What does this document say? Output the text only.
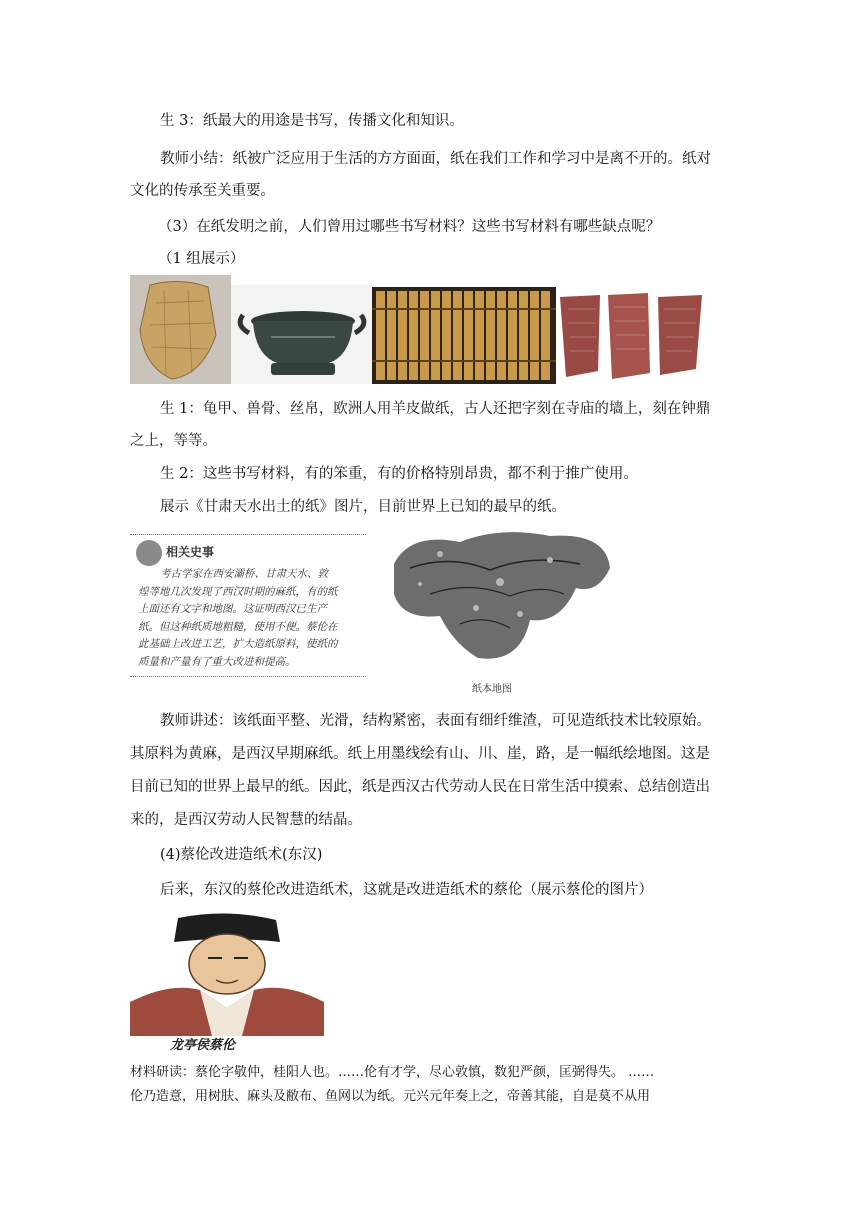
生 3：纸最大的用途是书写，传播文化和知识。
教师小结：纸被广泛应用于生活的方方面面，纸在我们工作和学习中是离不开的。纸对
文化的传承至关重要。
（3）在纸发明之前，人们曾用过哪些书写材料？这些书写材料有哪些缺点呢？
（1 组展示）
生 1：龟甲、兽骨、丝帛，欧洲人用羊皮做纸，古人还把字刻在寺庙的墙上，刻在钟鼎
之上，等等。
生 2：这些书写材料，有的笨重，有的价格特别昂贵，都不利于推广使用。
展示《甘肃天水出土的纸》图片，目前世界上已知的最早的纸。
相关史事
考古学家在西安灞桥、甘肃天水、敦
煌等地几次发现了西汉时期的麻纸，有的纸
上面还有文字和地图。这证明西汉已生产
纸。但这种纸质地粗糙，使用不便。蔡伦在
此基础上改进工艺，扩大造纸原料，使纸的
质量和产量有了重大改进和提高。
纸本地图
教师讲述：该纸面平整、光滑，结构紧密，表面有细纤维渣，可见造纸技术比较原始。
其原料为黄麻，是西汉早期麻纸。纸上用墨线绘有山、川、崖，路，是一幅纸绘地图。这是
目前已知的世界上最早的纸。因此，纸是西汉古代劳动人民在日常生活中摸索、总结创造出
来的，是西汉劳动人民智慧的结晶。
(4)蔡伦改进造纸术(东汉)
后来，东汉的蔡伦改进造纸术，这就是改进造纸术的蔡伦（展示蔡伦的图片）
龙亭侯蔡伦
材料研读：蔡伦字敬仲，桂阳人也。……伦有才学，尽心敦慎，数犯严颜，匡弼得失。 ……
伦乃造意，用树肤、麻头及敝布、鱼网以为纸。元兴元年奏上之，帝善其能，自是莫不从用
